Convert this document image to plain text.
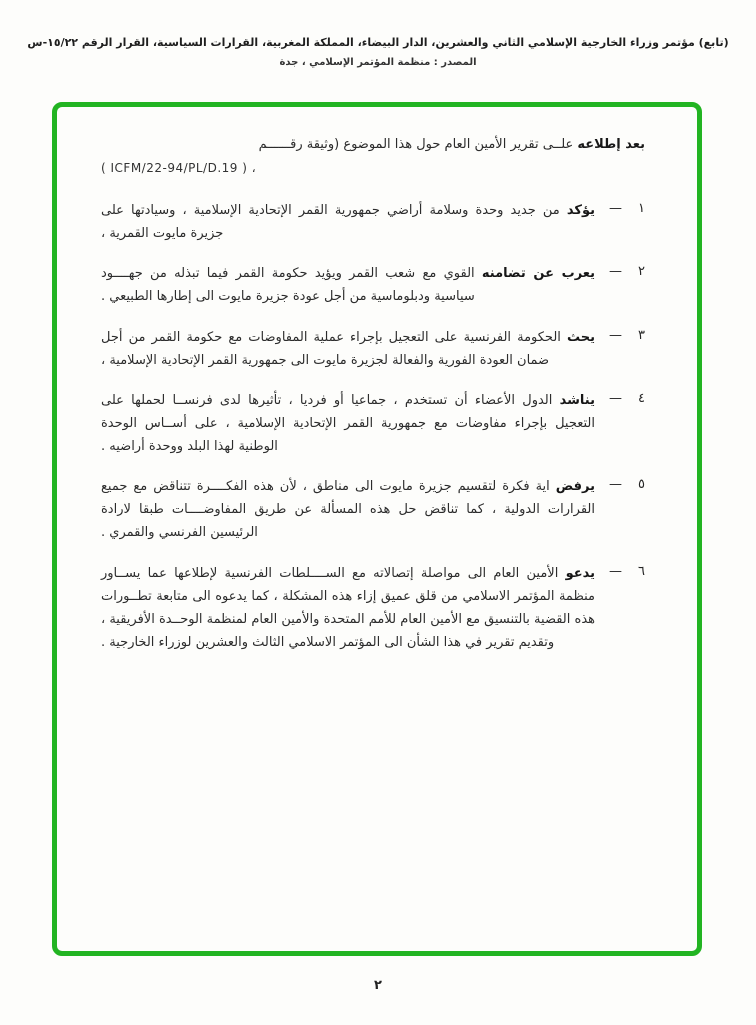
(تابع) مؤتمر وزراء الخارجية الإسلامي الثاني والعشرين، الدار البيضاء، المملكة المغربية، القرارات السياسية، القرار الرقم ١٥/٢٢-س
المصدر : منظمة المؤتمر الإسلامي ، جدة

بعد إطلاعه علــى تقرير الأمين العام حول هذا الموضوع (وثيقة رقــــــم

( ICFM/22-94/PL/D.19 ) ،
١
—
يؤكد من جديد وحدة وسلامة أراضي جمهورية القمر الإتحادية الإسلامية ، وسيادتها على جزيرة مايوت القمرية ،
٢
—
يعرب عن تضامنه القوي مع شعب القمر ويؤيد حكومة القمر فيما تبذله من جهــــود سياسية ودبلوماسية من أجل عودة جزيرة مايوت الى إطارها الطبيعي .
٣
—
يحث الحكومة الفرنسية على التعجيل بإجراء عملية المفاوضات مع حكومة القمر من أجل ضمان العودة الفورية والفعالة لجزيرة مايوت الى جمهورية القمر الإتحادية الإسلامية ،
٤
—
يناشد الدول الأعضاء أن تستخدم ، جماعيا أو فرديا ، تأثيرها لدى فرنســا لحملها على التعجيل بإجراء مفاوضات مع جمهورية القمر الإتحادية الإسلامية ، على أســاس الوحدة الوطنية لهذا البلد ووحدة أراضيه .
٥
—
يرفض اية فكرة لتقسيم جزيرة مايوت الى مناطق ، لأن هذه الفكــــرة تتناقض مع جميع القرارات الدولية ، كما تناقض حل هذه المسألة عن طريق المفاوضــــات طبقا لارادة الرئيسين الفرنسي والقمري .
٦
—
يدعو الأمين العام الى مواصلة إتصالاته مع الســــلطات الفرنسية لإطلاعها عما يســاور منظمة المؤتمر الاسلامي من قلق عميق إزاء هذه المشكلة ، كما يدعوه الى متابعة تطــورات هذه القضية بالتنسيق مع الأمين العام للأمم المتحدة والأمين العام لمنظمة الوحــدة الأفريقية ، وتقديم تقرير في هذا الشأن الى المؤتمر الاسلامي الثالث والعشرين لوزراء الخارجية .
٢
